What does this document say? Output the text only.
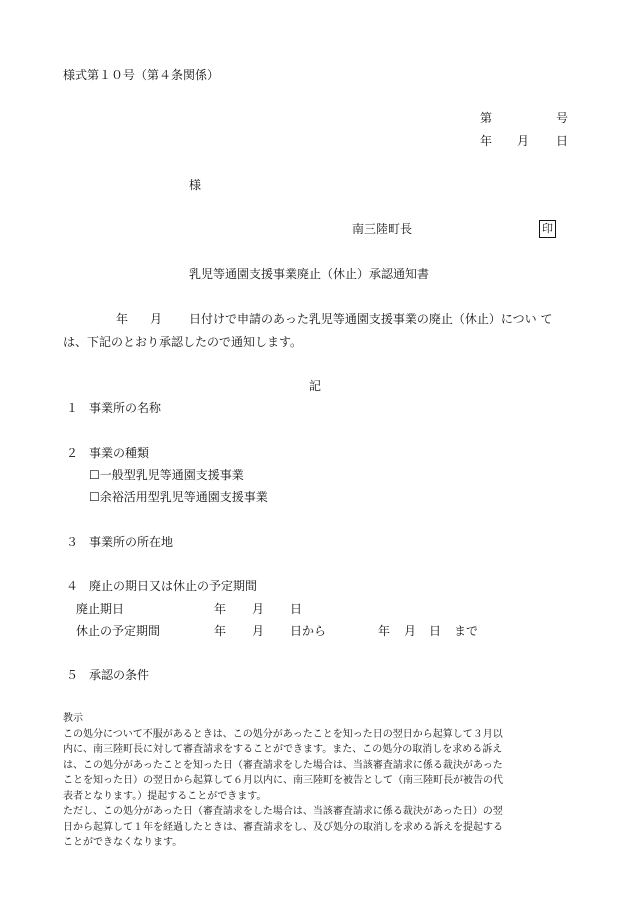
様式第１０号（第４条関係）
第	号
年 月 日
様
南三陸町長	印
乳児等通園支援事業廃止（休止）承認通知書
年 月 日付けで申請のあった乳児等通園支援事業の廃止（休止）につい て
は、下記のとおり承認したので通知します。
記
１ 事業所の名称
２ 事業の種類
☐一般型乳児等通園支援事業
☐余裕活用型乳児等通園支援事業
３ 事業所の所在地
４ 廃止の期日又は休止の予定期間
廃止期日	年 月 日
休止の予定期間	年 月 日から	年 月 日 まで
５ 承認の条件
教示
この処分について不服があるときは、この処分があったことを知った日の翌日から起算して３月以
内に、南三陸町長に対して審査請求をすることができます。また、この処分の取消しを求める訴え
は、この処分があったことを知った日（審査請求をした場合は、当該審査請求に係る裁決があった
ことを知った日）の翌日から起算して６月以内に、南三陸町を被告として（南三陸町長が被告の代
表者となります。）提起することができます。
ただし、この処分があった日（審査請求をした場合は、当該審査請求に係る裁決があった日）の翌
日から起算して１年を経過したときは、審査請求をし、及び処分の取消しを求める訴えを提起する
ことができなくなります。
